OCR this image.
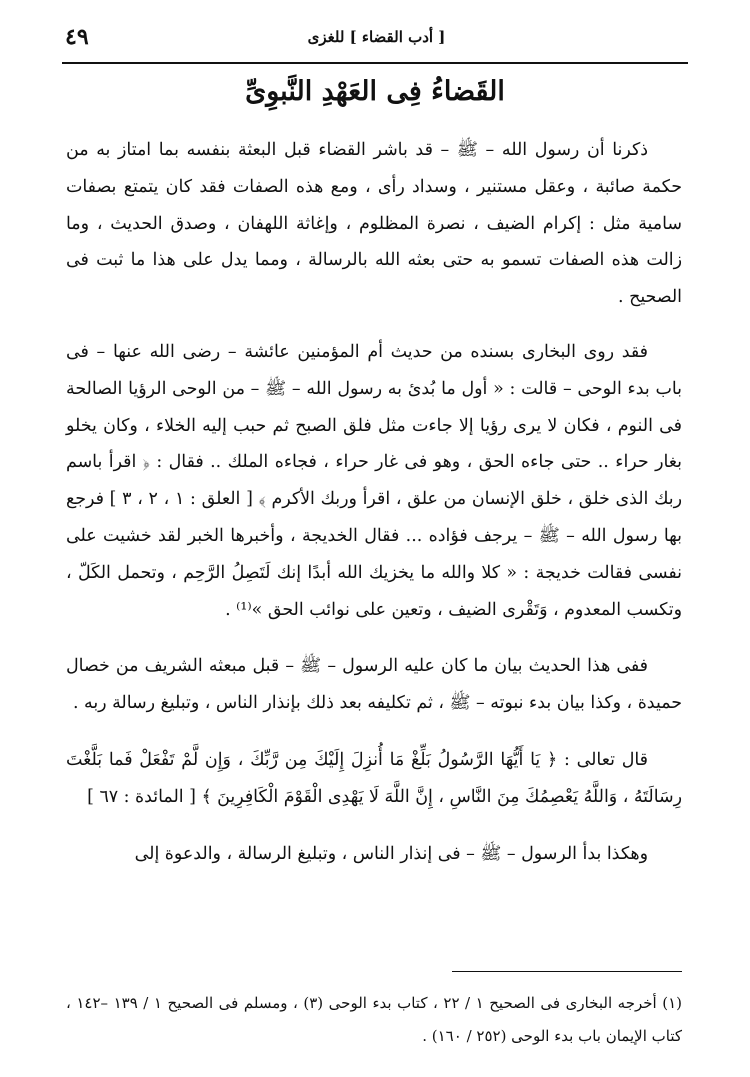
٤٩	[ أدب القضاء ] للغزى
القَضاءُ فِى العَهْدِ النَّبوِىِّ

ذكرنا أن رسول الله – ﷺ – قد باشر القضاء قبل البعثة بنفسه بما امتاز به من حكمة صائبة ، وعقل مستنير ، وسداد رأى ، ومع هذه الصفات فقد كان يتمتع بصفات سامية مثل : إكرام الضيف ، نصرة المظلوم ، وإغاثة اللهفان ، وصدق الحديث ، وما زالت هذه الصفات تسمو به حتى بعثه الله بالرسالة ، ومما يدل على هذا ما ثبت فى الصحيح .

فقد روى البخارى بسنده من حديث أم المؤمنين عائشة – رضى الله عنها – فى باب بدء الوحى – قالت : « أول ما بُدئ به رسول الله – ﷺ – من الوحى الرؤيا الصالحة فى النوم ، فكان لا يرى رؤيا إلا جاءت مثل فلق الصبح ثم حبب إليه الخلاء ، وكان يخلو بغار حراء .. حتى جاءه الحق ، وهو فى غار حراء ، فجاءه الملك .. فقال : ﴿ اقرأ باسم ربك الذى خلق ، خلق الإنسان من علق ، اقرأ وربك الأكرم ﴾ [ العلق : ١ ، ٢ ، ٣ ] فرجع بها رسول الله – ﷺ – يرجف فؤاده ... فقال الخديجة ، وأخبرها الخبر لقد خشيت على نفسى فقالت خديجة : « كلا والله ما يخزيك الله أبدًا إنك لَتَصِلُ الرَّحِم ، وتحمل الكَلّ ، وتكسب المعدوم ، وَتَقْرى الضيف ، وتعين على نوائب الحق »⁽¹⁾ .

ففى هذا الحديث بيان ما كان عليه الرسول – ﷺ – قبل مبعثه الشريف من خصال حميدة ، وكذا بيان بدء نبوته – ﷺ ، ثم تكليفه بعد ذلك بإنذار الناس ، وتبليغ رسالة ربه .

قال تعالى : ﴿ يَا أَيُّهَا الرَّسُولُ بَلِّغْ مَا أُنزِلَ إِلَيْكَ مِن رَّبِّكَ ، وَإِن لَّمْ تَفْعَلْ فَما بَلَّغْتَ رِسَالَتَهُ ، وَاللَّهُ يَعْصِمُكَ مِنَ النَّاسِ ، إِنَّ اللَّهَ لَا يَهْدِى الْقَوْمَ الْكَافِرِينَ ﴾ [ المائدة : ٦٧ ]

وهكذا بدأ الرسول – ﷺ – فى إنذار الناس ، وتبليغ الرسالة ، والدعوة إلى

(١) أخرجه البخارى فى الصحيح ١ / ٢٢ ، كتاب بدء الوحى (٣) ، ومسلم فى الصحيح ١ / ١٣٩ –١٤٢ ، كتاب الإيمان باب بدء الوحى (٢٥٢ / ١٦٠) .
